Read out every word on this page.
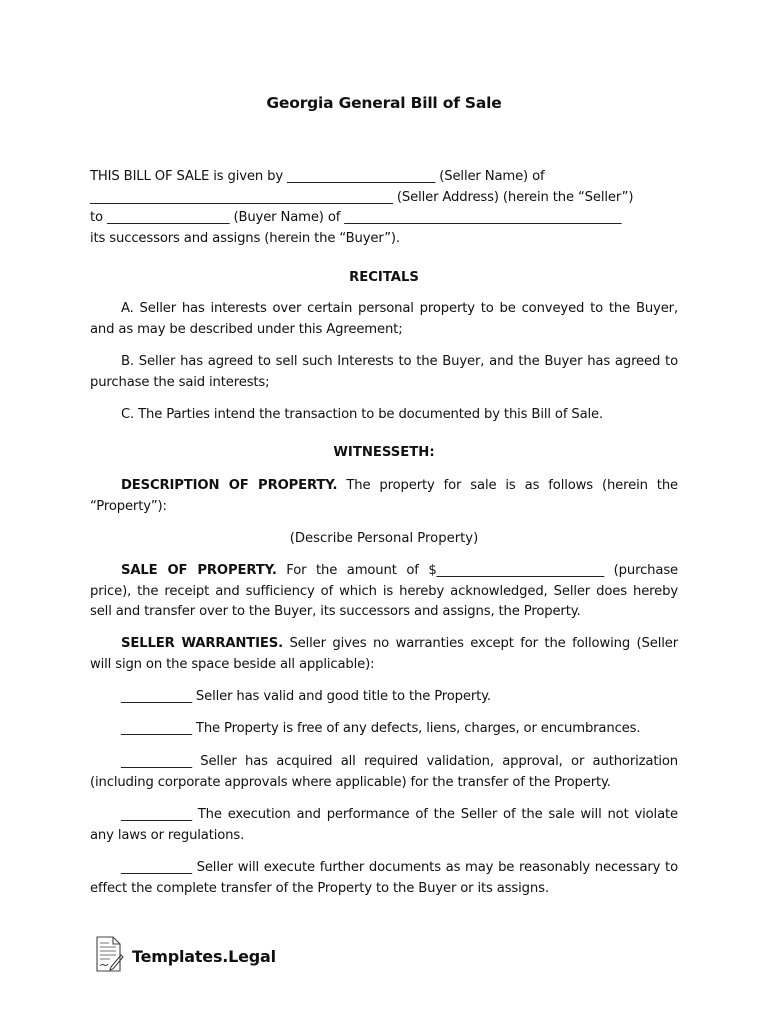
Georgia General Bill of Sale
THIS BILL OF SALE is given by _______________________ (Seller Name) of
_______________________________________________ (Seller Address) (herein the “Seller”)
to ___________________ (Buyer Name) of ___________________________________________
its successors and assigns (herein the “Buyer”).
RECITALS
A. Seller has interests over certain personal property to be conveyed to the Buyer, and as may be described under this Agreement;
B. Seller has agreed to sell such Interests to the Buyer, and the Buyer has agreed to purchase the said interests;
C. The Parties intend the transaction to be documented by this Bill of Sale.
WITNESSETH:
DESCRIPTION OF PROPERTY. The property for sale is as follows (herein the “Property”):
(Describe Personal Property)
SALE OF PROPERTY. For the amount of $__________________________ (purchase price), the receipt and sufficiency of which is hereby acknowledged, Seller does hereby sell and transfer over to the Buyer, its successors and assigns, the Property.
SELLER WARRANTIES. Seller gives no warranties except for the following (Seller will sign on the space beside all applicable):
___________ Seller has valid and good title to the Property.
___________ The Property is free of any defects, liens, charges, or encumbrances.
___________ Seller has acquired all required validation, approval, or authorization (including corporate approvals where applicable) for the transfer of the Property.
___________ The execution and performance of the Seller of the sale will not violate any laws or regulations.
___________ Seller will execute further documents as may be reasonably necessary to effect the complete transfer of the Property to the Buyer or its assigns.
Templates.Legal
